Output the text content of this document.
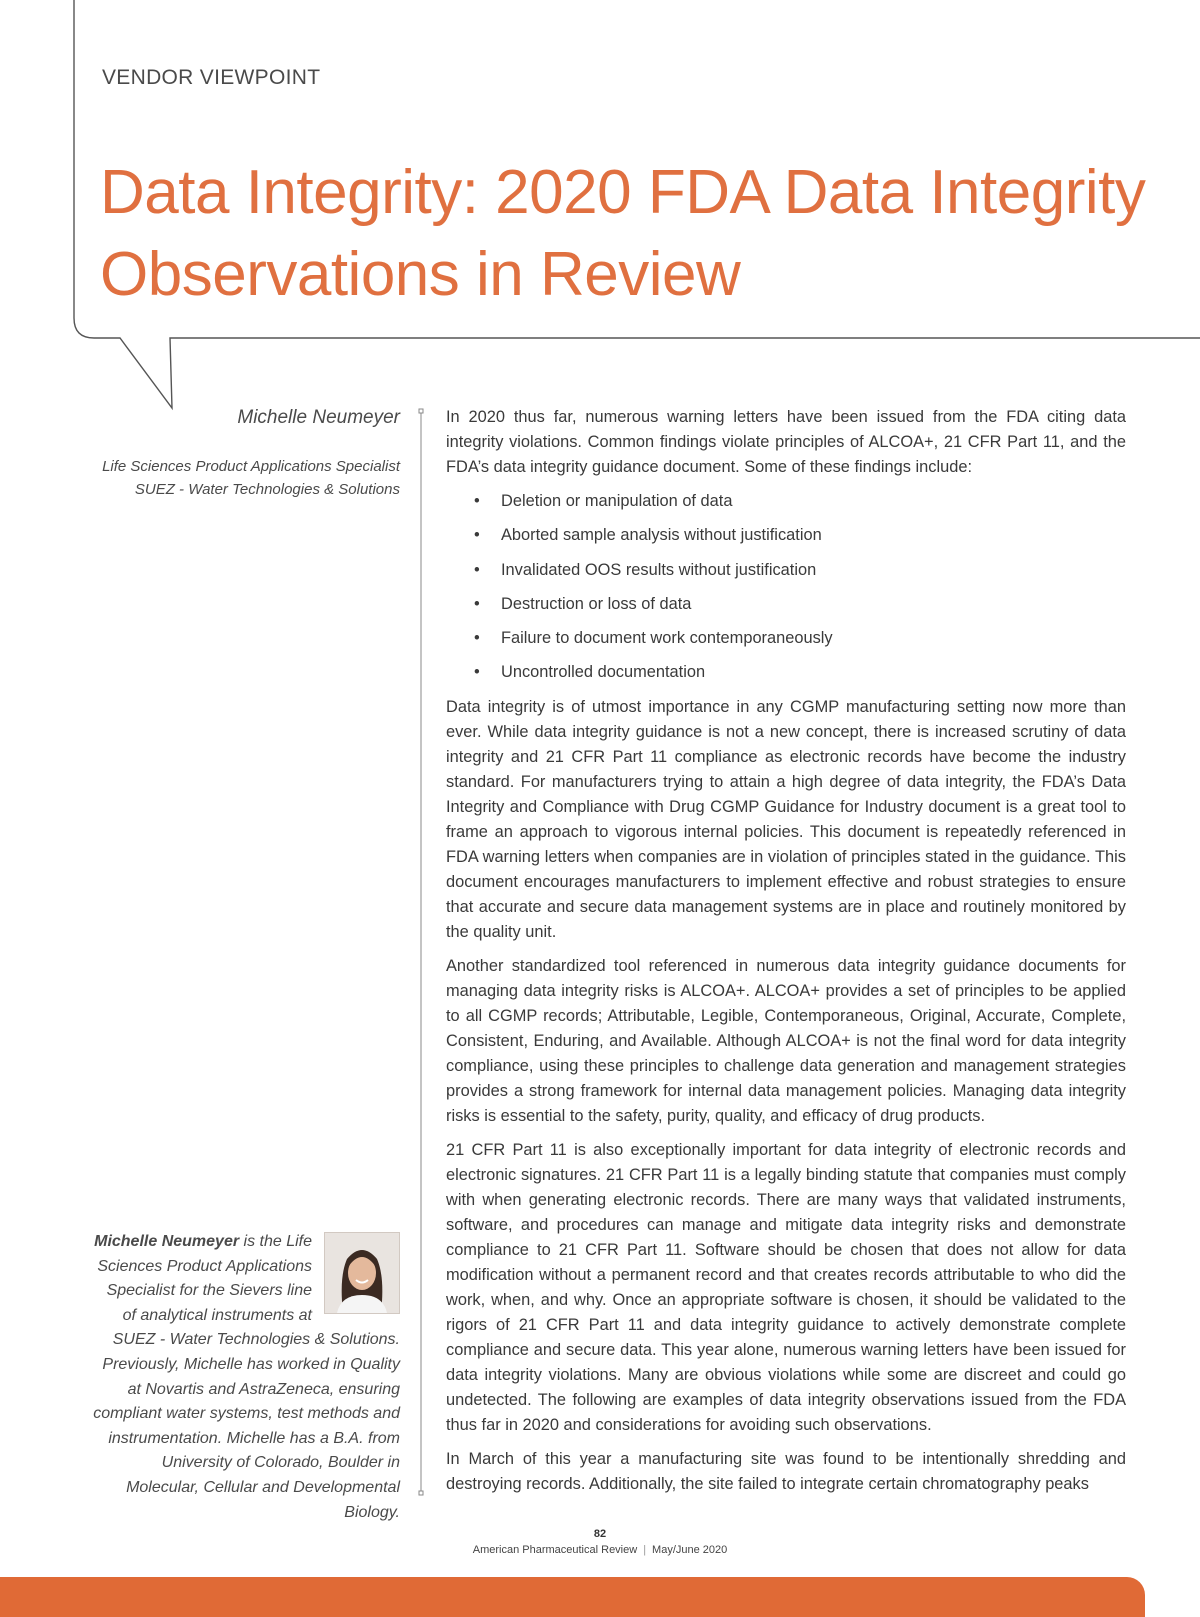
VENDOR VIEWPOINT
Data Integrity: 2020 FDA Data Integrity Observations in Review

Michelle Neumeyer

Life Sciences Product Applications Specialist
SUEZ - Water Technologies & Solutions
Michelle Neumeyer is the Life Sciences Product Applications Specialist for the Sievers line of analytical instruments at SUEZ - Water Technologies & Solutions. Previously, Michelle has worked in Quality at Novartis and AstraZeneca, ensuring compliant water systems, test methods and instrumentation. Michelle has a B.A. from University of Colorado, Boulder in Molecular, Cellular and Developmental Biology.

In 2020 thus far, numerous warning letters have been issued from the FDA citing data integrity violations. Common findings violate principles of ALCOA+, 21 CFR Part 11, and the FDA’s data integrity guidance document. Some of these findings include:

• Deletion or manipulation of data
• Aborted sample analysis without justification
• Invalidated OOS results without justification
• Destruction or loss of data
• Failure to document work contemporaneously
• Uncontrolled documentation

Data integrity is of utmost importance in any CGMP manufacturing setting now more than ever. While data integrity guidance is not a new concept, there is increased scrutiny of data integrity and 21 CFR Part 11 compliance as electronic records have become the industry standard. For manufacturers trying to attain a high degree of data integrity, the FDA’s Data Integrity and Compliance with Drug CGMP Guidance for Industry document is a great tool to frame an approach to vigorous internal policies. This document is repeatedly referenced in FDA warning letters when companies are in violation of principles stated in the guidance. This document encourages manufacturers to implement effective and robust strategies to ensure that accurate and secure data management systems are in place and routinely monitored by the quality unit.

Another standardized tool referenced in numerous data integrity guidance documents for managing data integrity risks is ALCOA+. ALCOA+ provides a set of principles to be applied to all CGMP records; Attributable, Legible, Contemporaneous, Original, Accurate, Complete, Consistent, Enduring, and Available. Although ALCOA+ is not the final word for data integrity compliance, using these principles to challenge data generation and management strategies provides a strong framework for internal data management policies. Managing data integrity risks is essential to the safety, purity, quality, and efficacy of drug products.

21 CFR Part 11 is also exceptionally important for data integrity of electronic records and electronic signatures. 21 CFR Part 11 is a legally binding statute that companies must comply with when generating electronic records. There are many ways that validated instruments, software, and procedures can manage and mitigate data integrity risks and demonstrate compliance to 21 CFR Part 11. Software should be chosen that does not allow for data modification without a permanent record and that creates records attributable to who did the work, when, and why. Once an appropriate software is chosen, it should be validated to the rigors of 21 CFR Part 11 and data integrity guidance to actively demonstrate complete compliance and secure data. This year alone, numerous warning letters have been issued for data integrity violations. Many are obvious violations while some are discreet and could go undetected. The following are examples of data integrity observations issued from the FDA thus far in 2020 and considerations for avoiding such observations.

In March of this year a manufacturing site was found to be intentionally shredding and destroying records. Additionally, the site failed to integrate certain chromatography peaks

82

American Pharmaceutical Review | May/June 2020
